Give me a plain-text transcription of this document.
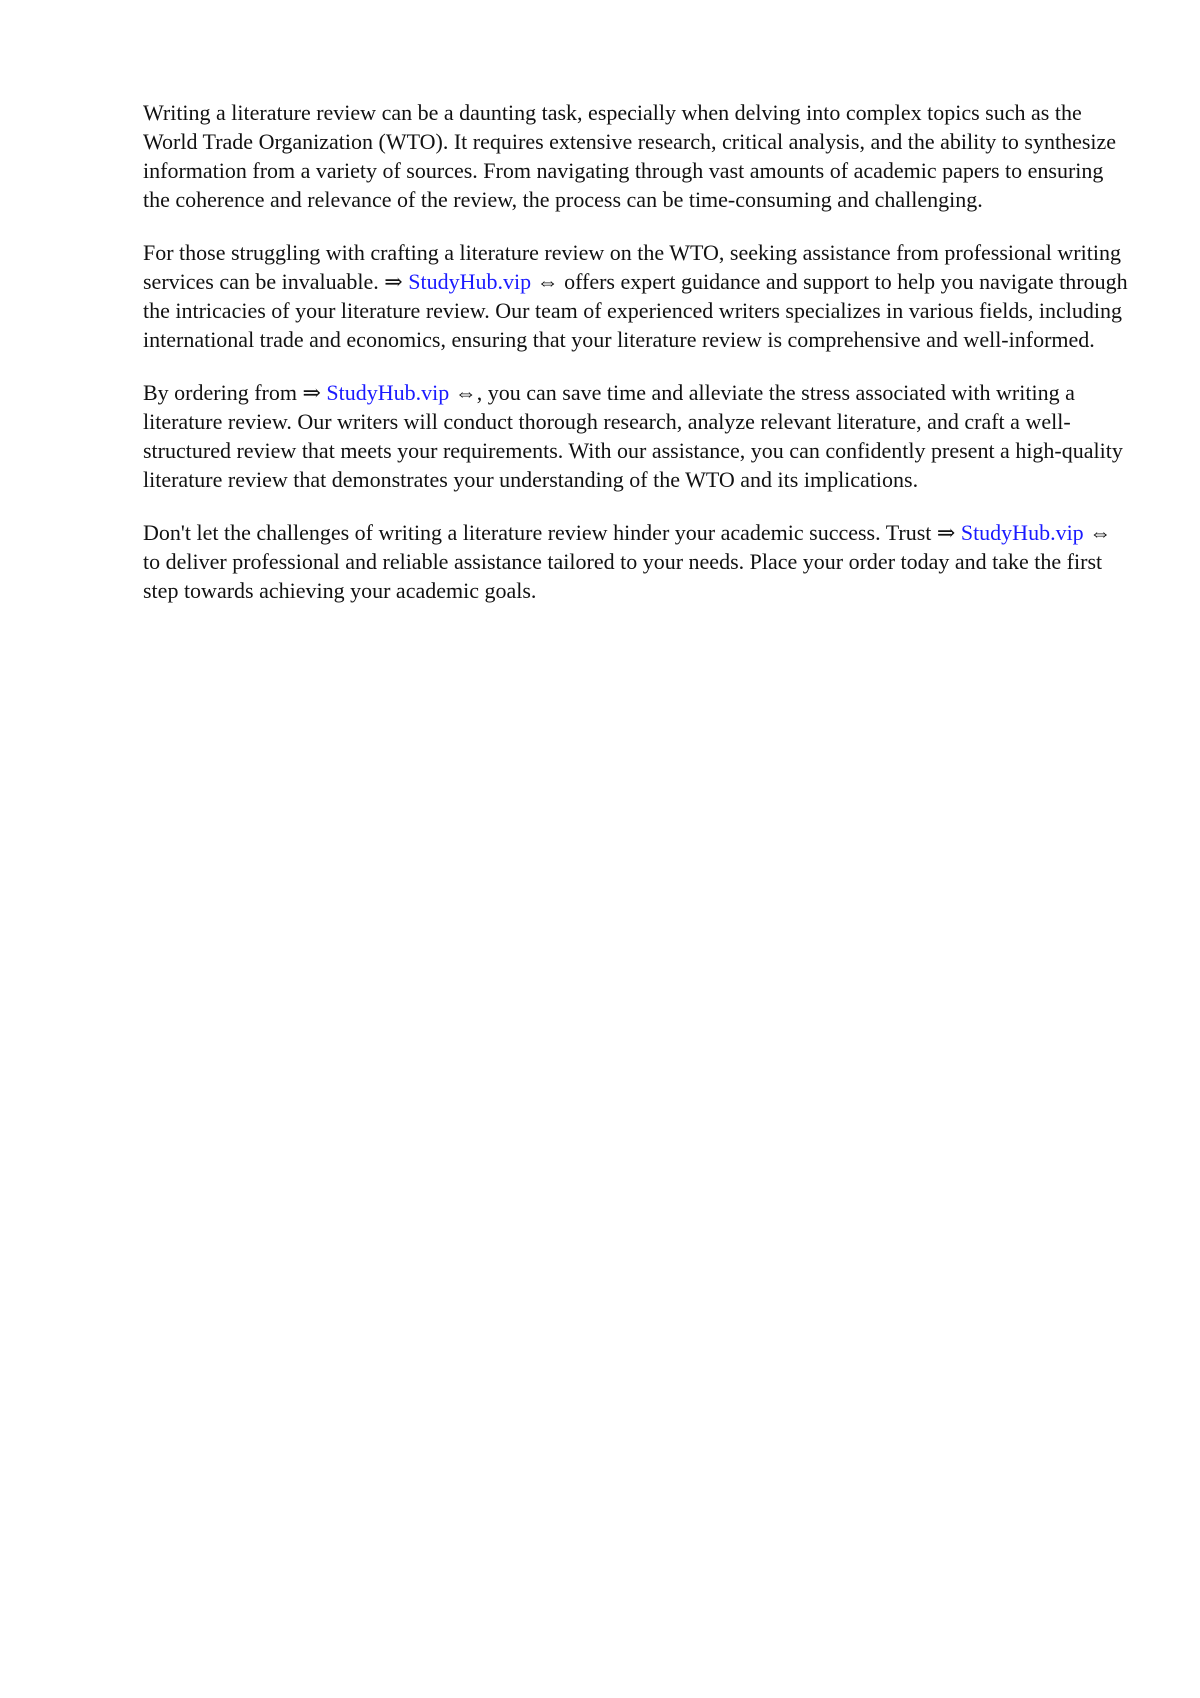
Writing a literature review can be a daunting task, especially when delving into complex topics such as the World Trade Organization (WTO). It requires extensive research, critical analysis, and the ability to synthesize information from a variety of sources. From navigating through vast amounts of academic papers to ensuring the coherence and relevance of the review, the process can be time-consuming and challenging.

For those struggling with crafting a literature review on the WTO, seeking assistance from professional writing services can be invaluable. ⇒ StudyHub.vip ⇔ offers expert guidance and support to help you navigate through the intricacies of your literature review. Our team of experienced writers specializes in various fields, including international trade and economics, ensuring that your literature review is comprehensive and well-informed.

By ordering from ⇒ StudyHub.vip ⇔, you can save time and alleviate the stress associated with writing a literature review. Our writers will conduct thorough research, analyze relevant literature, and craft a well-structured review that meets your requirements. With our assistance, you can confidently present a high-quality literature review that demonstrates your understanding of the WTO and its implications.

Don't let the challenges of writing a literature review hinder your academic success. Trust ⇒ StudyHub.vip ⇔ to deliver professional and reliable assistance tailored to your needs. Place your order today and take the first step towards achieving your academic goals.
